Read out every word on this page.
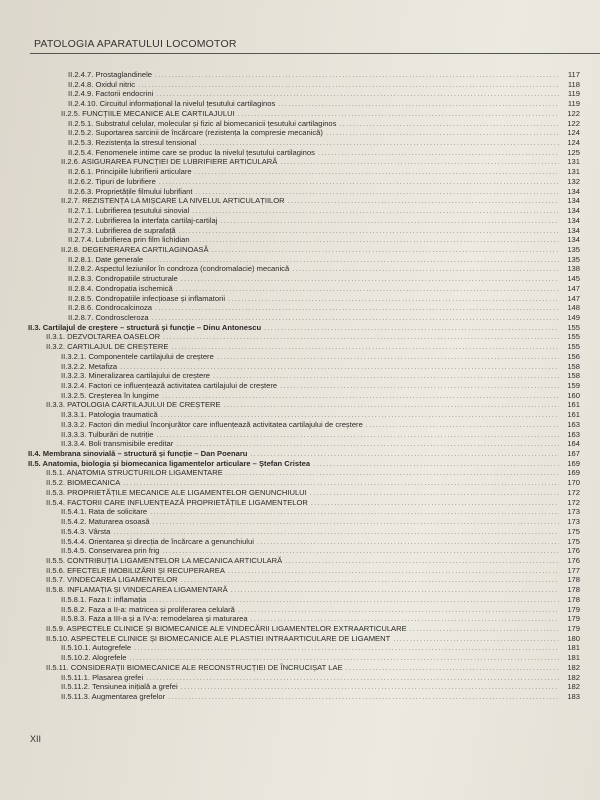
PATOLOGIA APARATULUI LOCOMOTOR
II.2.4.7. Prostaglandinele .....	117
II.2.4.8. Oxidul nitric .....	118
II.2.4.9. Factorii endocrini .....	119
II.2.4.10. Circuitul informațional la nivelul țesutului cartilaginos .....	119
II.2.5. FUNCȚIILE MECANICE ALE CARTILAJULUI .....	122
II.2.5.1. Substratul celular, molecular și fizic al biomecanicii țesutului cartilaginos .....	122
II.2.5.2. Suportarea sarcinii de încărcare (rezistența la compresie mecanică) .....	124
II.2.5.3. Rezistența la stresul tensional .....	124
II.2.5.4. Fenomenele intime care se produc la nivelul țesutului cartilaginos .....	125
II.2.6. ASIGURAREA FUNCȚIEI DE LUBRIFIERE ARTICULARĂ .....	131
II.2.6.1. Principiile lubrifierii articulare .....	131
II.2.6.2. Tipuri de lubrifiere .....	132
II.2.6.3. Proprietățile filmului lubrifiant .....	134
II.2.7. REZISTENȚA LA MIȘCARE LA NIVELUL ARTICULAȚIILOR .....	134
II.2.7.1. Lubrifierea țesutului sinovial .....	134
II.2.7.2. Lubrifierea la interfața cartilaj-cartilaj .....	134
II.2.7.3. Lubrifierea de suprafață .....	134
II.2.7.4. Lubrifierea prin film lichidian .....	134
II.2.8. DEGENERAREA CARTILAGINOASĂ .....	135
II.2.8.1. Date generale .....	135
II.2.8.2. Aspectul leziunilor în condroza (condromalacie) mecanică .....	138
II.2.8.3. Condropatiile structurale .....	145
II.2.8.4. Condropatia ischemică .....	147
II.2.8.5. Condropatiile infecțioase și inflamatorii .....	147
II.2.8.6. Condrocalcinoza .....	148
II.2.8.7. Condroscleroza .....	149
II.3. Cartilajul de creștere – structură și funcție – Dinu Antonescu .....	155
II.3.1. DEZVOLTAREA OASELOR .....	155
II.3.2. CARTILAJUL DE CREȘTERE .....	155
II.3.2.1. Componentele cartilajului de creștere .....	156
II.3.2.2. Metafiza .....	158
II.3.2.3. Mineralizarea cartilajului de creștere .....	158
II.3.2.4. Factori ce influențează activitatea cartilajului de creștere .....	159
II.3.2.5. Creșterea în lungime .....	160
II.3.3. PATOLOGIA CARTILAJULUI DE CREȘTERE .....	161
II.3.3.1. Patologia traumatică .....	161
II.3.3.2. Factori din mediul înconjurător care influențează activitatea cartilajului de creștere .....	163
II.3.3.3. Tulburări de nutriție .....	163
II.3.3.4. Boli transmisibile ereditar .....	164
II.4. Membrana sinovială – structură și funcție – Dan Poenaru .....	167
II.5. Anatomia, biologia și biomecanica ligamentelor articulare – Ștefan Cristea .....	169
II.5.1. ANATOMIA STRUCTURILOR LIGAMENTARE .....	169
II.5.2. BIOMECANICA .....	170
II.5.3. PROPRIETĂȚILE MECANICE ALE LIGAMENTELOR GENUNCHIULUI .....	172
II.5.4. FACTORII CARE INFLUENȚEAZĂ PROPRIETĂȚILE LIGAMENTELOR .....	172
II.5.4.1. Rata de solicitare .....	173
II.5.4.2. Maturarea osoasă .....	173
II.5.4.3. Vârsta .....	175
II.5.4.4. Orientarea și direcția de încărcare a genunchiului .....	175
II.5.4.5. Conservarea prin frig .....	176
II.5.5. CONTRIBUȚIA LIGAMENTELOR LA MECANICA ARTICULARĂ .....	176
II.5.6. EFECTELE IMOBILIZĂRII ȘI RECUPERAREA .....	177
II.5.7. VINDECAREA LIGAMENTELOR .....	178
II.5.8. INFLAMAȚIA ȘI VINDECAREA LIGAMENTARĂ .....	178
II.5.8.1. Faza I: inflamația .....	178
II.5.8.2. Faza a II-a: matricea și proliferarea celulară .....	179
II.5.8.3. Faza a III-a și a IV-a: remodelarea și maturarea .....	179
II.5.9. ASPECTELE CLINICE ȘI BIOMECANICE ALE VINDECĂRII LIGAMENTELOR EXTRAARTICULARE .....	179
II.5.10. ASPECTELE CLINICE ȘI BIOMECANICE ALE PLASTIEI INTRAARTICULARE DE LIGAMENT .....	180
II.5.10.1. Autogrefele .....	181
II.5.10.2. Alogrefele .....	181
II.5.11. CONSIDERAȚII BIOMECANICE ALE RECONSTRUCȚIEI DE ÎNCRUCIȘAT LAE .....	182
II.5.11.1. Plasarea grefei .....	182
II.5.11.2. Tensiunea inițială a grefei .....	182
II.5.11.3. Augmentarea grefelor .....	183
XII
